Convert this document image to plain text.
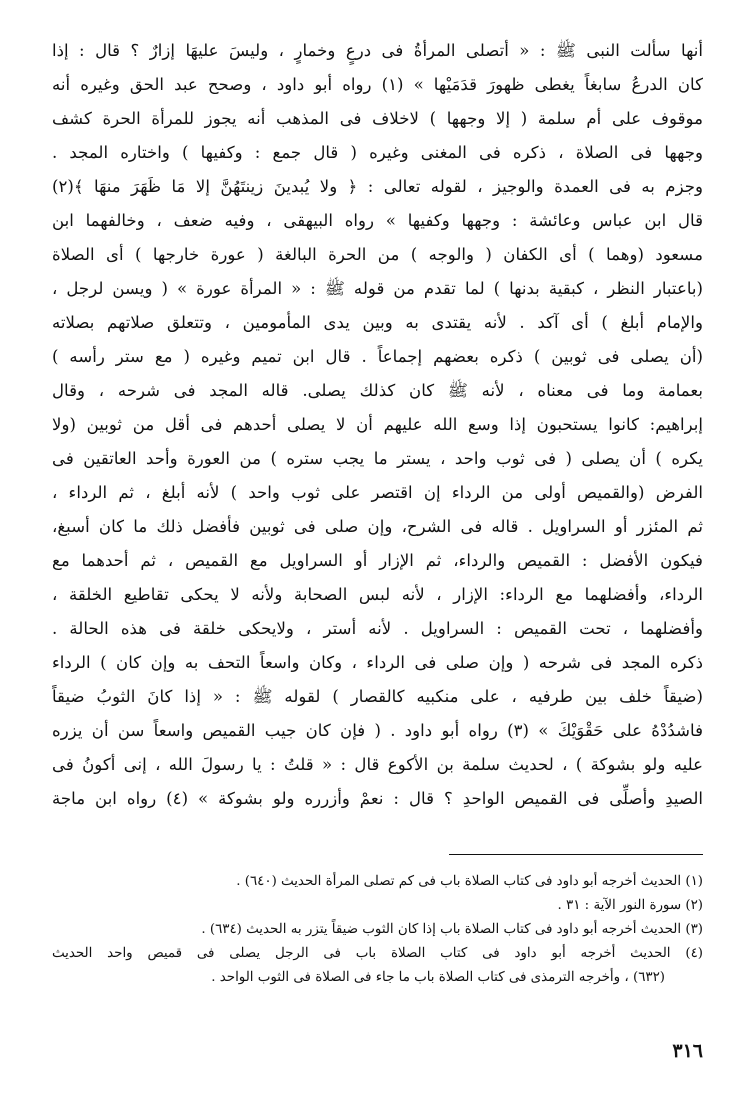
أنها سألت النبى ﷺ : « أتصلى المرأةُ فى درعٍ وخمارٍ ، وليسَ عليهَا إزارٌ ؟ قال : إذا
كان الدرعُ سابغاً يغطى ظهورَ قدَمَيْها » (١) رواه أبو داود ، وصحح عبد الحق وغيره أنه
موقوف على أم سلمة ( إلا وجهها ) لاخلاف فى المذهب أنه يجوز للمرأة الحرة كشف
وجهها فى الصلاة ، ذكره فى المغنى وغيره ( قال جمع : وكفيها ) واختاره المجد .
وجزم به فى العمدة والوجيز ، لقوله تعالى : ﴿ ولا يُبدينَ زينتَهُنَّ إلا مَا ظَهَرَ منهَا ﴾(٢)
قال ابن عباس وعائشة : وجهها وكفيها » رواه البيهقى ، وفيه ضعف ، وخالفهما ابن
مسعود (وهما ) أى الكفان ( والوجه ) من الحرة البالغة ( عورة خارجها ) أى الصلاة
(باعتبار النظر ، كبقية بدنها ) لما تقدم من قوله ﷺ : « المرأة عورة » ( ويسن لرجل ،
والإمام أبلغ ) أى آكد . لأنه يقتدى به وبين يدى المأمومين ، وتتعلق صلاتهم بصلاته
(أن يصلى فى ثوبين ) ذكره بعضهم إجماعاً . قال ابن تميم وغيره ( مع ستر رأسه )
بعمامة وما فى معناه ، لأنه ﷺ كان كذلك يصلى. قاله المجد فى شرحه ، وقال
إبراهيم: كانوا يستحبون إذا وسع الله عليهم أن لا يصلى أحدهم فى أقل من ثوبين (ولا
يكره ) أن يصلى ( فى ثوب واحد ، يستر ما يجب ستره ) من العورة وأحد العاتقين فى
الفرض (والقميص أولى من الرداء إن اقتصر على ثوب واحد ) لأنه أبلغ ، ثم الرداء ،
ثم المئزر أو السراويل . قاله فى الشرح، وإن صلى فى ثوبين فأفضل ذلك ما كان أسبغ،
فيكون الأفضل : القميص والرداء، ثم الإزار أو السراويل مع القميص ، ثم أحدهما مع
الرداء، وأفضلهما مع الرداء: الإزار ، لأنه لبس الصحابة ولأنه لا يحكى تقاطيع الخلقة ،
وأفضلهما ، تحت القميص : السراويل . لأنه أستر ، ولايحكى خلقة فى هذه الحالة .
ذكره المجد فى شرحه ( وإن صلى فى الرداء ، وكان واسعاً التحف به وإن كان ) الرداء
(ضيقاً خلف بين طرفيه ، على منكبيه كالقصار ) لقوله ﷺ : « إذا كانَ الثوبُ ضيقاً
فاشدُدْهُ على حَقْوَيْكَ » (٣) رواه أبو داود . ( فإن كان جيب القميص واسعاً سن أن يزره
عليه ولو بشوكة ) ، لحديث سلمة بن الأكوع قال : « قلتُ : يا رسولَ الله ، إنى أكونُ فى
الصيدِ وأصلِّى فى القميص الواحدِ ؟ قال : نعمْ وأزرره ولو بشوكة » (٤) رواه ابن ماجة
(١) الحديث أخرجه أبو داود فى كتاب الصلاة باب فى كم تصلى المرأة الحديث (٦٤٠) .
(٢) سورة النور الآية : ٣١ .
(٣) الحديث أخرجه أبو داود فى كتاب الصلاة باب إذا كان الثوب ضيقاً يتزر به الحديث (٦٣٤) .
(٤) الحديث أخرجه أبو داود فى كتاب الصلاة باب فى الرجل يصلى فى قميص واحد الحديث
(٦٣٢) ، وأخرجه الترمذى فى كتاب الصلاة باب ما جاء فى الصلاة فى الثوب الواحد .
٣١٦
